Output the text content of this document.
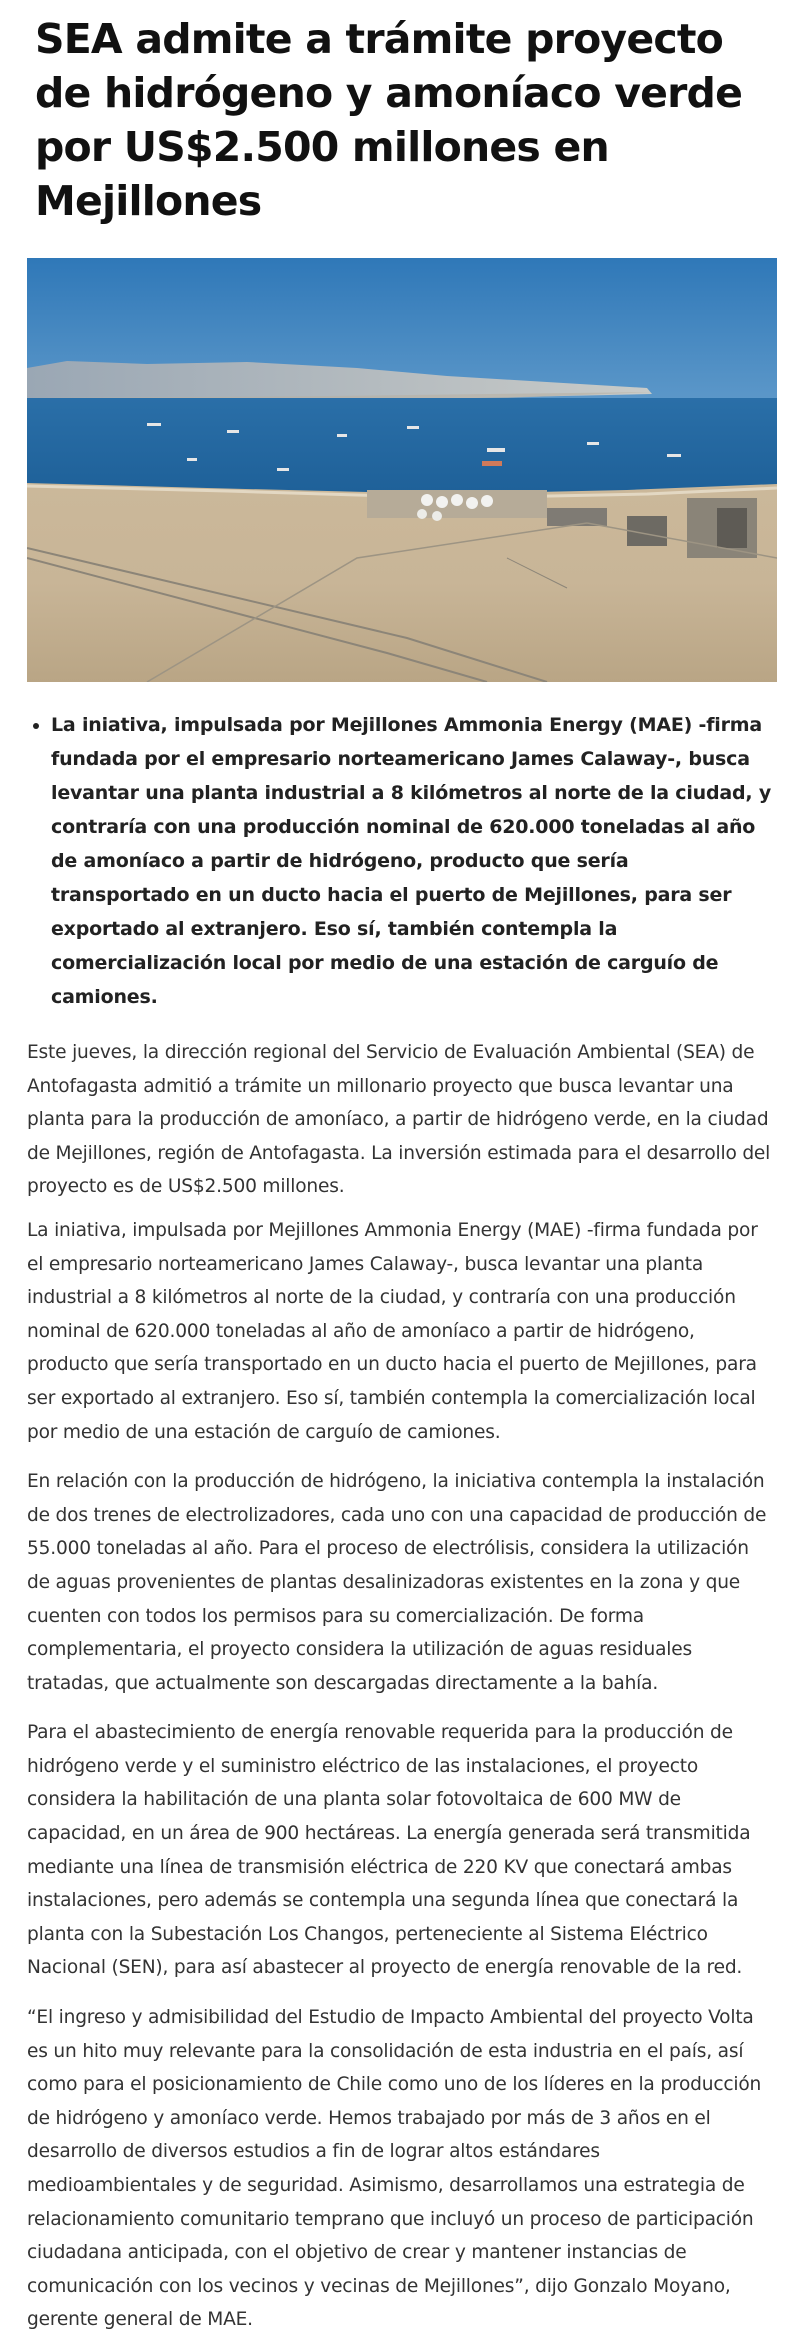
SEA admite a trámite proyecto de hidrógeno y amoníaco verde por US$2.500 millones en Mejillones
• La iniativa, impulsada por Mejillones Ammonia Energy (MAE) -firma fundada por el empresario norteamericano James Calaway-, busca levantar una planta industrial a 8 kilómetros al norte de la ciudad, y contraría con una producción nominal de 620.000 toneladas al año de amoníaco a partir de hidrógeno, producto que sería transportado en un ducto hacia el puerto de Mejillones, para ser exportado al extranjero. Eso sí, también contempla la comercialización local por medio de una estación de carguío de camiones.

Este jueves, la dirección regional del Servicio de Evaluación Ambiental (SEA) de Antofagasta admitió a trámite un millonario proyecto que busca levantar una planta para la producción de amoníaco, a partir de hidrógeno verde, en la ciudad de Mejillones, región de Antofagasta. La inversión estimada para el desarrollo del proyecto es de US$2.500 millones.

La iniativa, impulsada por Mejillones Ammonia Energy (MAE) -firma fundada por el empresario norteamericano James Calaway-, busca levantar una planta industrial a 8 kilómetros al norte de la ciudad, y contraría con una producción nominal de 620.000 toneladas al año de amoníaco a partir de hidrógeno, producto que sería transportado en un ducto hacia el puerto de Mejillones, para ser exportado al extranjero. Eso sí, también contempla la comercialización local por medio de una estación de carguío de camiones.

En relación con la producción de hidrógeno, la iniciativa contempla la instalación de dos trenes de electrolizadores, cada uno con una capacidad de producción de 55.000 toneladas al año. Para el proceso de electrólisis, considera la utilización de aguas provenientes de plantas desalinizadoras existentes en la zona y que cuenten con todos los permisos para su comercialización. De forma complementaria, el proyecto considera la utilización de aguas residuales tratadas, que actualmente son descargadas directamente a la bahía.

Para el abastecimiento de energía renovable requerida para la producción de hidrógeno verde y el suministro eléctrico de las instalaciones, el proyecto considera la habilitación de una planta solar fotovoltaica de 600 MW de capacidad, en un área de 900 hectáreas. La energía generada será transmitida mediante una línea de transmisión eléctrica de 220 KV que conectará ambas instalaciones, pero además se contempla una segunda línea que conectará la planta con la Subestación Los Changos, perteneciente al Sistema Eléctrico Nacional (SEN), para así abastecer al proyecto de energía renovable de la red.

“El ingreso y admisibilidad del Estudio de Impacto Ambiental del proyecto Volta es un hito muy relevante para la consolidación de esta industria en el país, así como para el posicionamiento de Chile como uno de los líderes en la producción de hidrógeno y amoníaco verde. Hemos trabajado por más de 3 años en el desarrollo de diversos estudios a fin de lograr altos estándares medioambientales y de seguridad. Asimismo, desarrollamos una estrategia de relacionamiento comunitario temprano que incluyó un proceso de participación ciudadana anticipada, con el objetivo de crear y mantener instancias de comunicación con los vecinos y vecinas de Mejillones”, dijo Gonzalo Moyano, gerente general de MAE.
